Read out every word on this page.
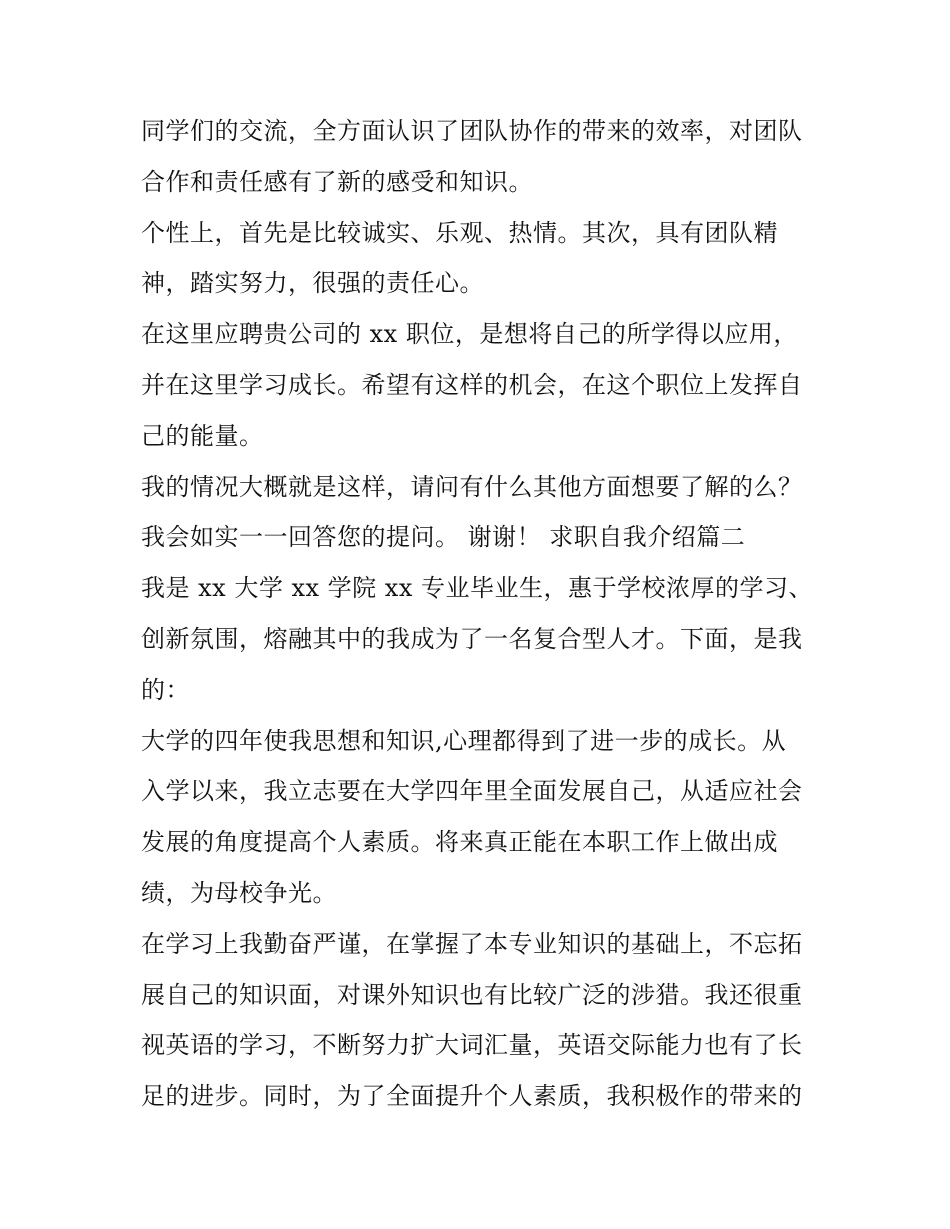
同学们的交流，全方面认识了团队协作的带来的效率，对团队
合作和责任感有了新的感受和知识。
个性上，首先是比较诚实、乐观、热情。其次，具有团队精
神，踏实努力，很强的责任心。
在这里应聘贵公司的 xx 职位，是想将自己的所学得以应用，
并在这里学习成长。希望有这样的机会，在这个职位上发挥自
己的能量。
我的情况大概就是这样，请问有什么其他方面想要了解的么？
我会如实一一回答您的提问。 谢谢！ 求职自我介绍篇二
我是 xx 大学 xx 学院 xx 专业毕业生，惠于学校浓厚的学习、
创新氛围，熔融其中的我成为了一名复合型人才。下面，是我
的：
大学的四年使我思想和知识,心理都得到了进一步的成长。从
入学以来，我立志要在大学四年里全面发展自己，从适应社会
发展的角度提高个人素质。将来真正能在本职工作上做出成
绩，为母校争光。
在学习上我勤奋严谨，在掌握了本专业知识的基础上，不忘拓
展自己的知识面，对课外知识也有比较广泛的涉猎。我还很重
视英语的学习，不断努力扩大词汇量，英语交际能力也有了长
足的进步。同时，为了全面提升个人素质，我积极作的带来的
